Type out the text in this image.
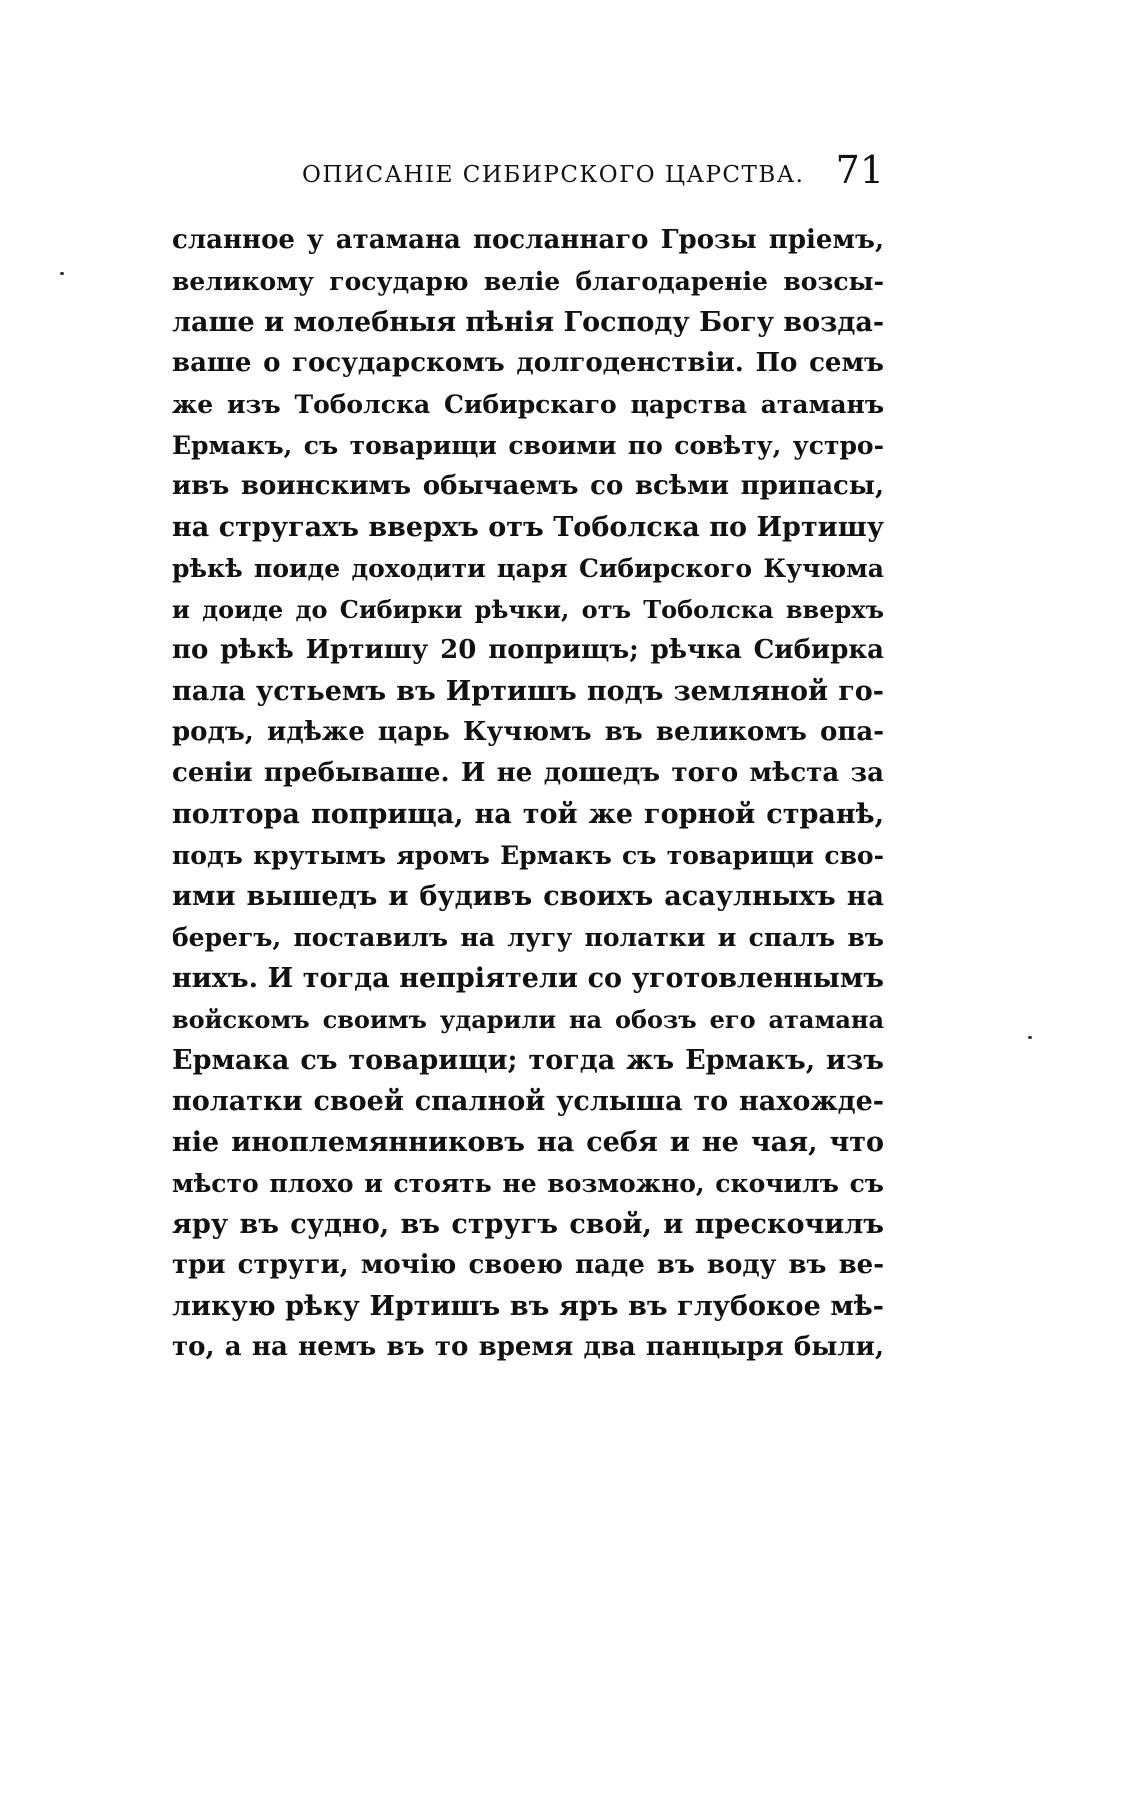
ОПИСАНІЕ СИБИРСКОГО ЦАРСТВА. 71
сланное у атамана посланнаго Грозы пріемъ,
великому государю веліе благодареніе возсы-
лаше и молебныя пѣнія Господу Богу возда-
ваше о государскомъ долгоденствіи. По семъ
же изъ Тоболска Сибирскаго царства атаманъ
Ермакъ, съ товарищи своими по совѣту, устро-
ивъ воинскимъ обычаемъ со всѣми припасы,
на стругахъ вверхъ отъ Тоболска по Иртишу
рѣкѣ поиде доходити царя Сибирского Кучюма
и доиде до Сибирки рѣчки, отъ Тоболска вверхъ
по рѣкѣ Иртишу 20 поприщъ; рѣчка Сибирка
пала устьемъ въ Иртишъ подъ земляной го-
родъ, идѣже царь Кучюмъ въ великомъ опа-
сеніи пребываше. И не дошедъ того мѣста за
полтора поприща, на той же горной странѣ,
подъ крутымъ яромъ Ермакъ съ товарищи сво-
ими вышедъ и будивъ своихъ асаулныхъ на
берегъ, поставилъ на лугу полатки и спалъ въ
нихъ. И тогда непріятели со уготовленнымъ
войскомъ своимъ ударили на обозъ его атамана
Ермака съ товарищи; тогда жъ Ермакъ, изъ
полатки своей спалной услыша то нахожде-
ніе иноплемянниковъ на себя и не чая, что
мѣсто плохо и стоять не возможно, скочилъ съ
яру въ судно, въ стругъ свой, и прескочилъ
три струги, мочію своею паде въ воду въ ве-
ликую рѣку Иртишъ въ яръ въ глубокое мѣ-
то, а на немъ въ то время два панцыря были,
